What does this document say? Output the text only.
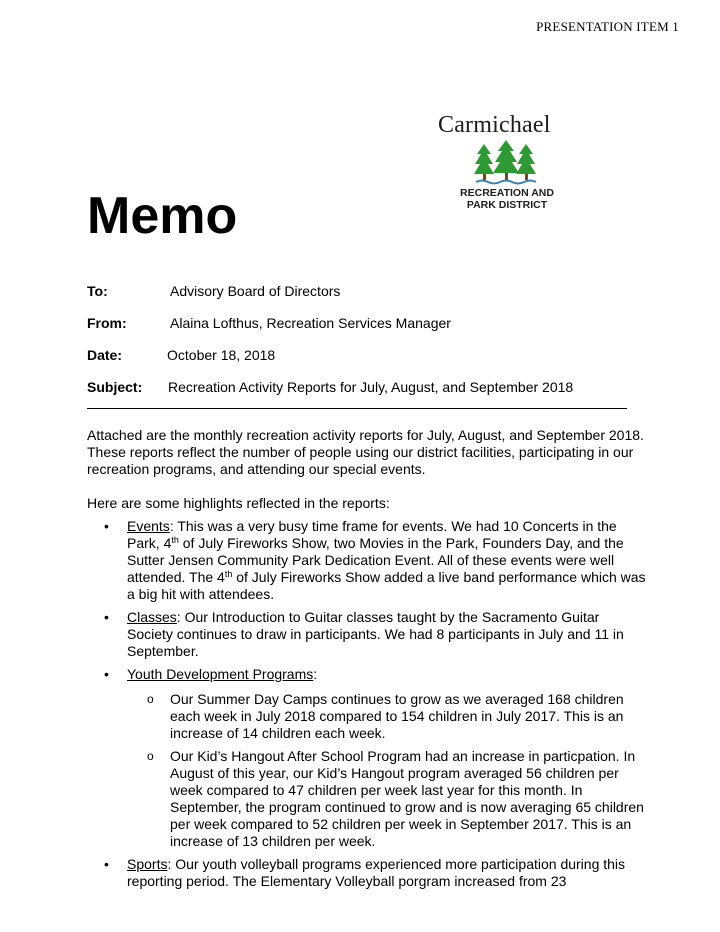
PRESENTATION ITEM 1
Carmichael
RECREATION AND
PARK DISTRICT
Memo
To:	Advisory Board of Directors
From:	Alaina Lofthus, Recreation Services Manager
Date:	October 18, 2018
Subject: Recreation Activity Reports for July, August, and September 2018

Attached are the monthly recreation activity reports for July, August, and September 2018. These reports reflect the number of people using our district facilities, participating in our recreation programs, and attending our special events.

Here are some highlights reflected in the reports:

• Events: This was a very busy time frame for events. We had 10 Concerts in the Park, 4th of July Fireworks Show, two Movies in the Park, Founders Day, and the Sutter Jensen Community Park Dedication Event. All of these events were well attended. The 4th of July Fireworks Show added a live band performance which was a big hit with attendees.
• Classes: Our Introduction to Guitar classes taught by the Sacramento Guitar Society continues to draw in participants. We had 8 participants in July and 11 in September.
• Youth Development Programs:
o Our Summer Day Camps continues to grow as we averaged 168 children each week in July 2018 compared to 154 children in July 2017. This is an increase of 14 children each week.
o Our Kid’s Hangout After School Program had an increase in particpation. In August of this year, our Kid’s Hangout program averaged 56 children per week compared to 47 children per week last year for this month. In September, the program continued to grow and is now averaging 65 children per week compared to 52 children per week in September 2017. This is an increase of 13 children per week.
• Sports: Our youth volleyball programs experienced more participation during this reporting period. The Elementary Volleyball porgram increased from 23
